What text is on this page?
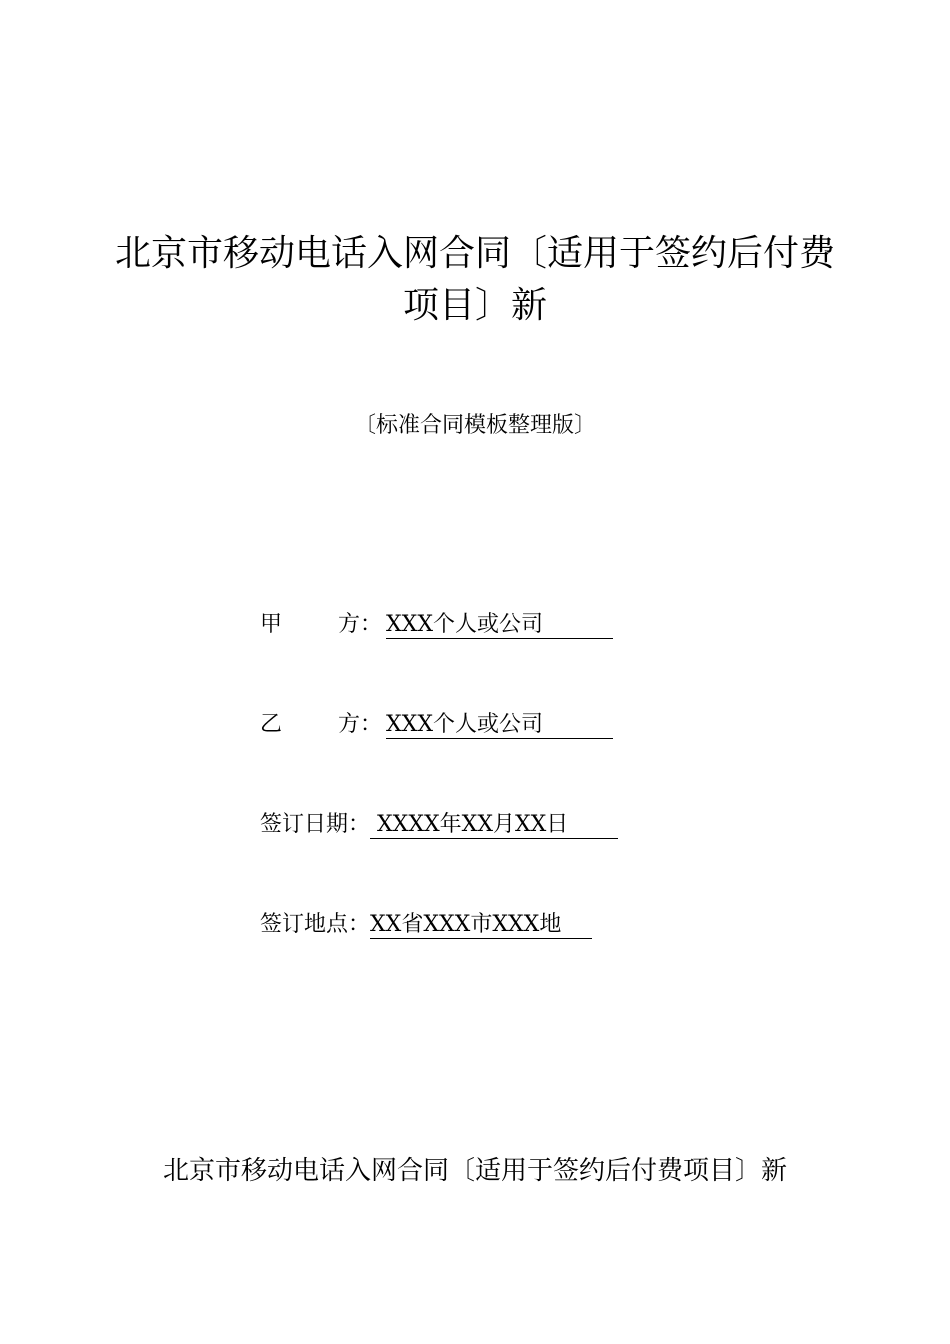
北京市移动电话入网合同〔适用于签约后付费
项目〕新
〔标准合同模板整理版〕
甲	方： XXX个人或公司
乙	方： XXX个人或公司
签订日期： XXXX年XX月XX日
签订地点：XX省XXX市XXX地
北京市移动电话入网合同〔适用于签约后付费项目〕新
